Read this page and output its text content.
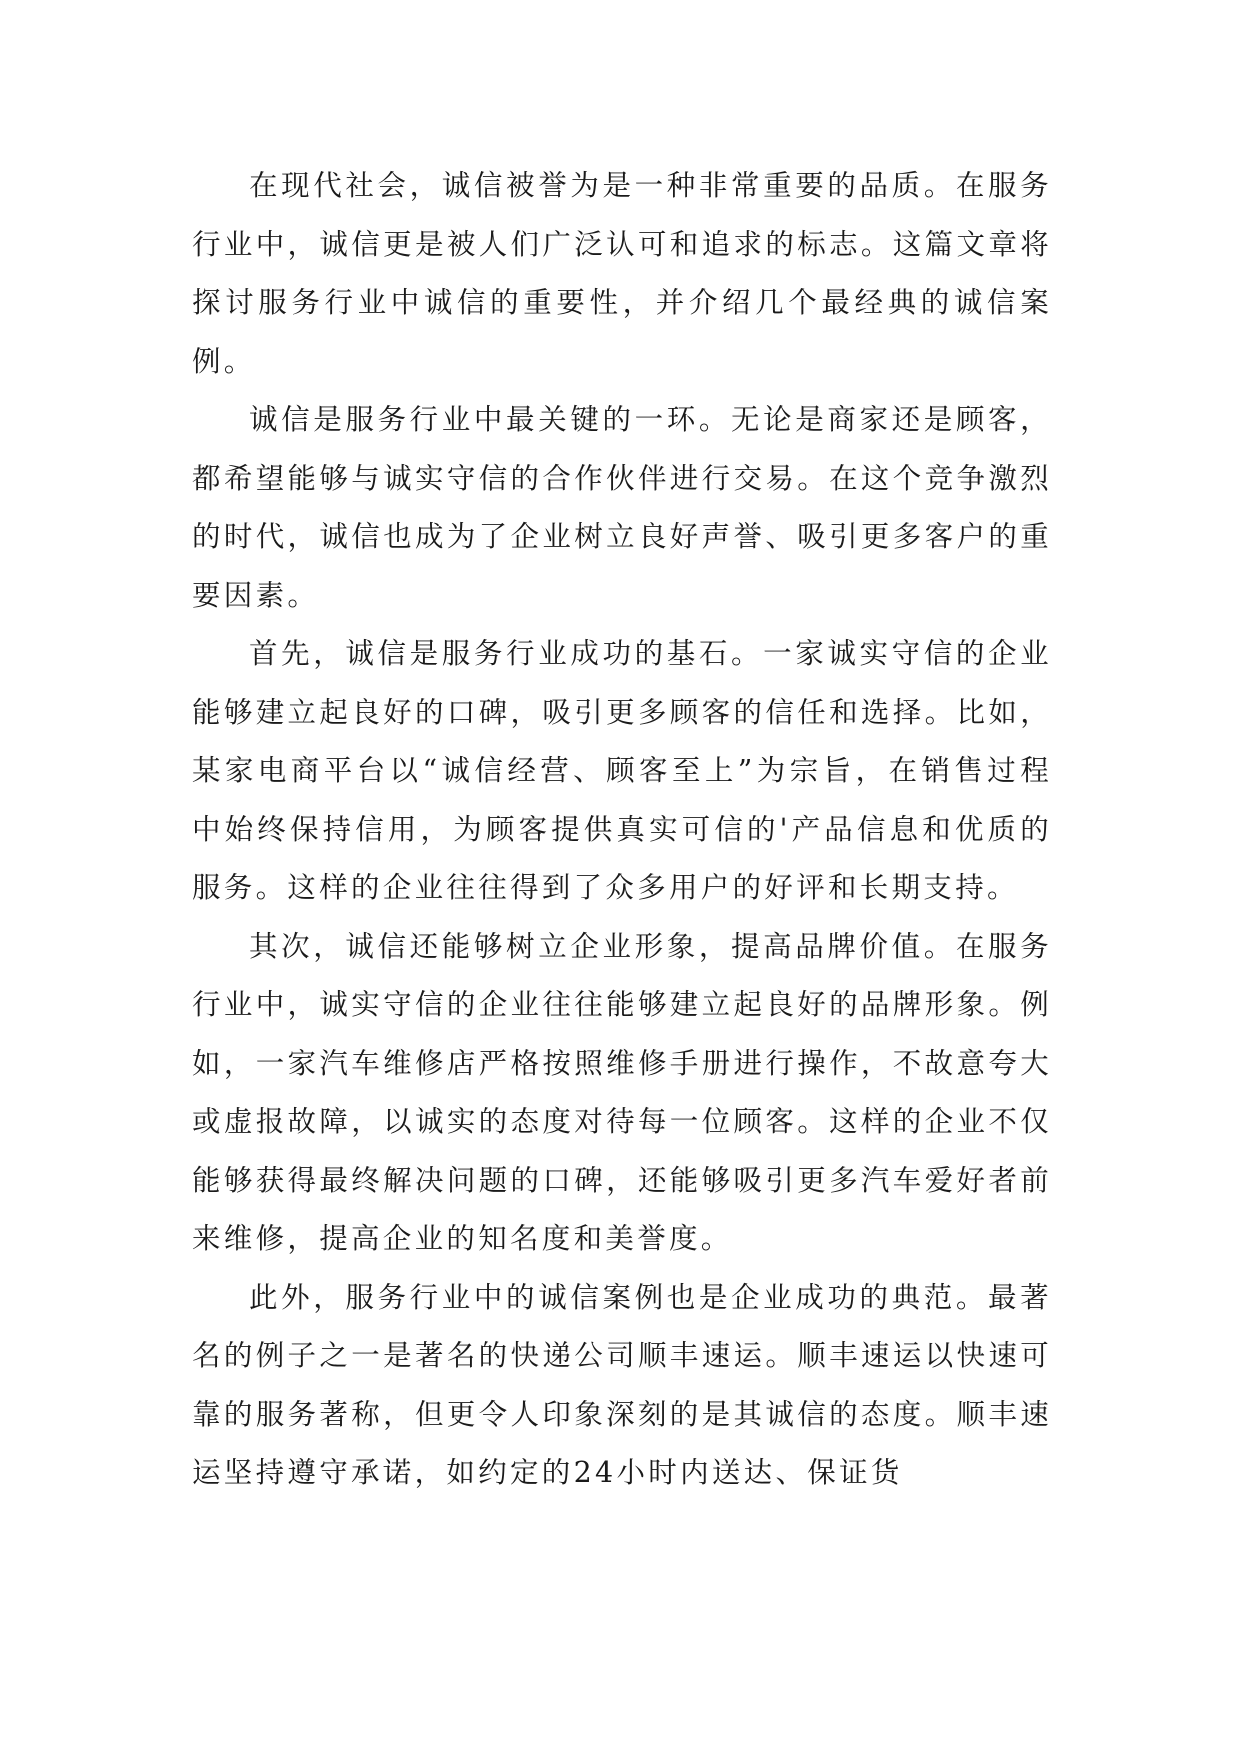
在现代社会，诚信被誉为是一种非常重要的品质。在服务行业中，诚信更是被人们广泛认可和追求的标志。这篇文章将探讨服务行业中诚信的重要性，并介绍几个最经典的诚信案例。

诚信是服务行业中最关键的一环。无论是商家还是顾客，都希望能够与诚实守信的合作伙伴进行交易。在这个竞争激烈的时代，诚信也成为了企业树立良好声誉、吸引更多客户的重要因素。

首先，诚信是服务行业成功的基石。一家诚实守信的企业能够建立起良好的口碑，吸引更多顾客的信任和选择。比如，某家电商平台以“诚信经营、顾客至上”为宗旨，在销售过程中始终保持信用，为顾客提供真实可信的'产品信息和优质的服务。这样的企业往往得到了众多用户的好评和长期支持。

其次，诚信还能够树立企业形象，提高品牌价值。在服务行业中，诚实守信的企业往往能够建立起良好的品牌形象。例如，一家汽车维修店严格按照维修手册进行操作，不故意夸大或虚报故障，以诚实的态度对待每一位顾客。这样的企业不仅能够获得最终解决问题的口碑，还能够吸引更多汽车爱好者前来维修，提高企业的知名度和美誉度。

此外，服务行业中的诚信案例也是企业成功的典范。最著名的例子之一是著名的快递公司顺丰速运。顺丰速运以快速可靠的服务著称，但更令人印象深刻的是其诚信的态度。顺丰速运坚持遵守承诺，如约定的24小时内送达、保证货
